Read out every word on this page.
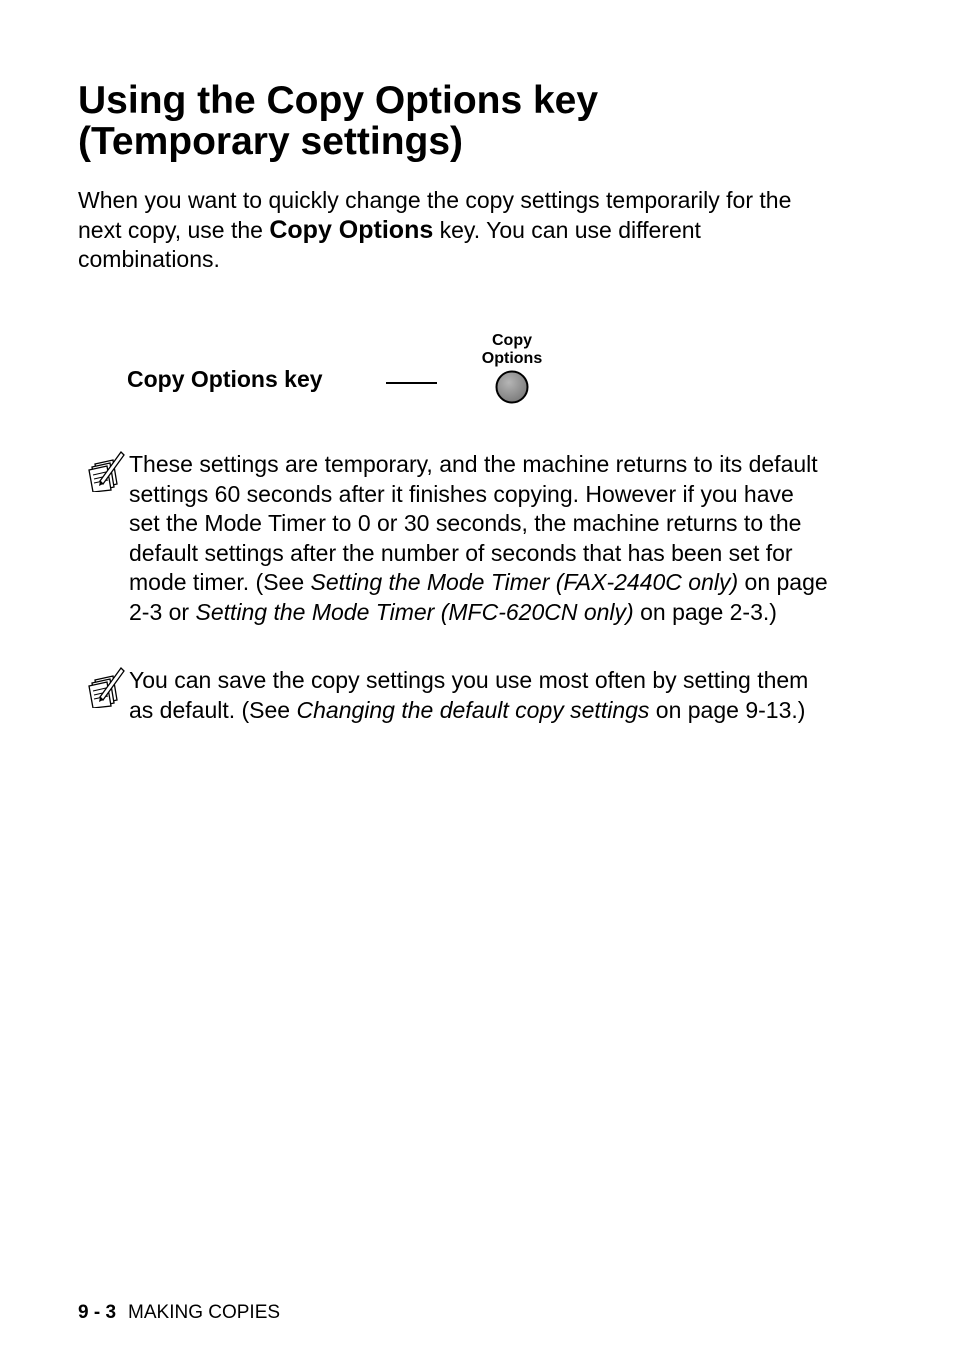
Using the Copy Options key
(Temporary settings)

When you want to quickly change the copy settings temporarily for the next copy, use the Copy Options key. You can use different combinations.

Copy Options key
Copy
Options

These settings are temporary, and the machine returns to its default settings 60 seconds after it finishes copying. However if you have set the Mode Timer to 0 or 30 seconds, the machine returns to the default settings after the number of seconds that has been set for mode timer. (See Setting the Mode Timer (FAX-2440C only) on page 2-3 or Setting the Mode Timer (MFC-620CN only) on page 2-3.)

You can save the copy settings you use most often by setting them as default. (See Changing the default copy settings on page 9-13.)

9 - 3 MAKING COPIES
